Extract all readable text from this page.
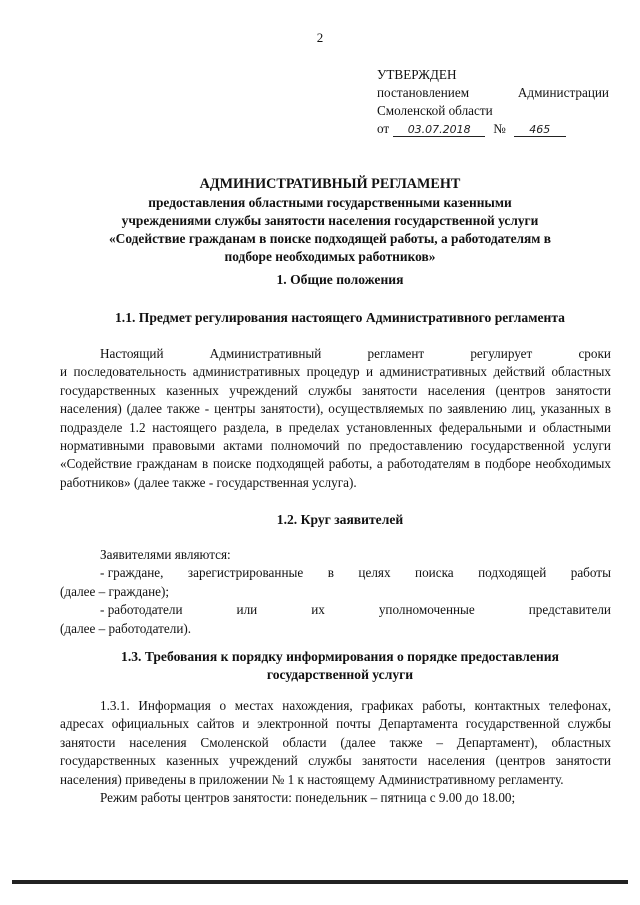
2
УТВЕРЖДЕН
постановлением	Администрации
Смоленской области
от	03.07.2018	№	465
АДМИНИСТРАТИВНЫЙ РЕГЛАМЕНТ
предоставления областными государственными казенными
учреждениями службы занятости населения государственной услуги
«Содействие гражданам в поиске подходящей работы, а работодателям в
подборе необходимых работников»
1. Общие положения
1.1. Предмет регулирования настоящего Административного регламента
Настоящий	Административный	регламент	регулирует	сроки

и последовательность административных процедур и административных действий областных государственных казенных учреждений службы занятости населения (центров занятости населения) (далее также - центры занятости), осуществляемых по заявлению лиц, указанных в подразделе 1.2 настоящего раздела, в пределах установленных федеральными и областными нормативными правовыми актами полномочий по предоставлению государственной услуги «Содействие гражданам в поиске подходящей работы, а работодателям в подборе необходимых работников» (далее также - государственная услуга).

1.2. Круг заявителей

Заявителями являются:

- граждане, зарегистрированные в целях поиска подходящей работы

(далее – граждане);

- работодатели	или	их	уполномоченные	представители

(далее – работодатели).

1.3. Требования к порядку информирования о порядке предоставления
государственной услуги

1.3.1. Информация о местах нахождения, графиках работы, контактных телефонах, адресах официальных сайтов и электронной почты Департамента государственной службы занятости населения Смоленской области (далее также – Департамент), областных государственных казенных учреждений службы занятости населения (центров занятости населения) приведены в приложении № 1 к настоящему Административному регламенту.

Режим работы центров занятости: понедельник – пятница с 9.00 до 18.00;
